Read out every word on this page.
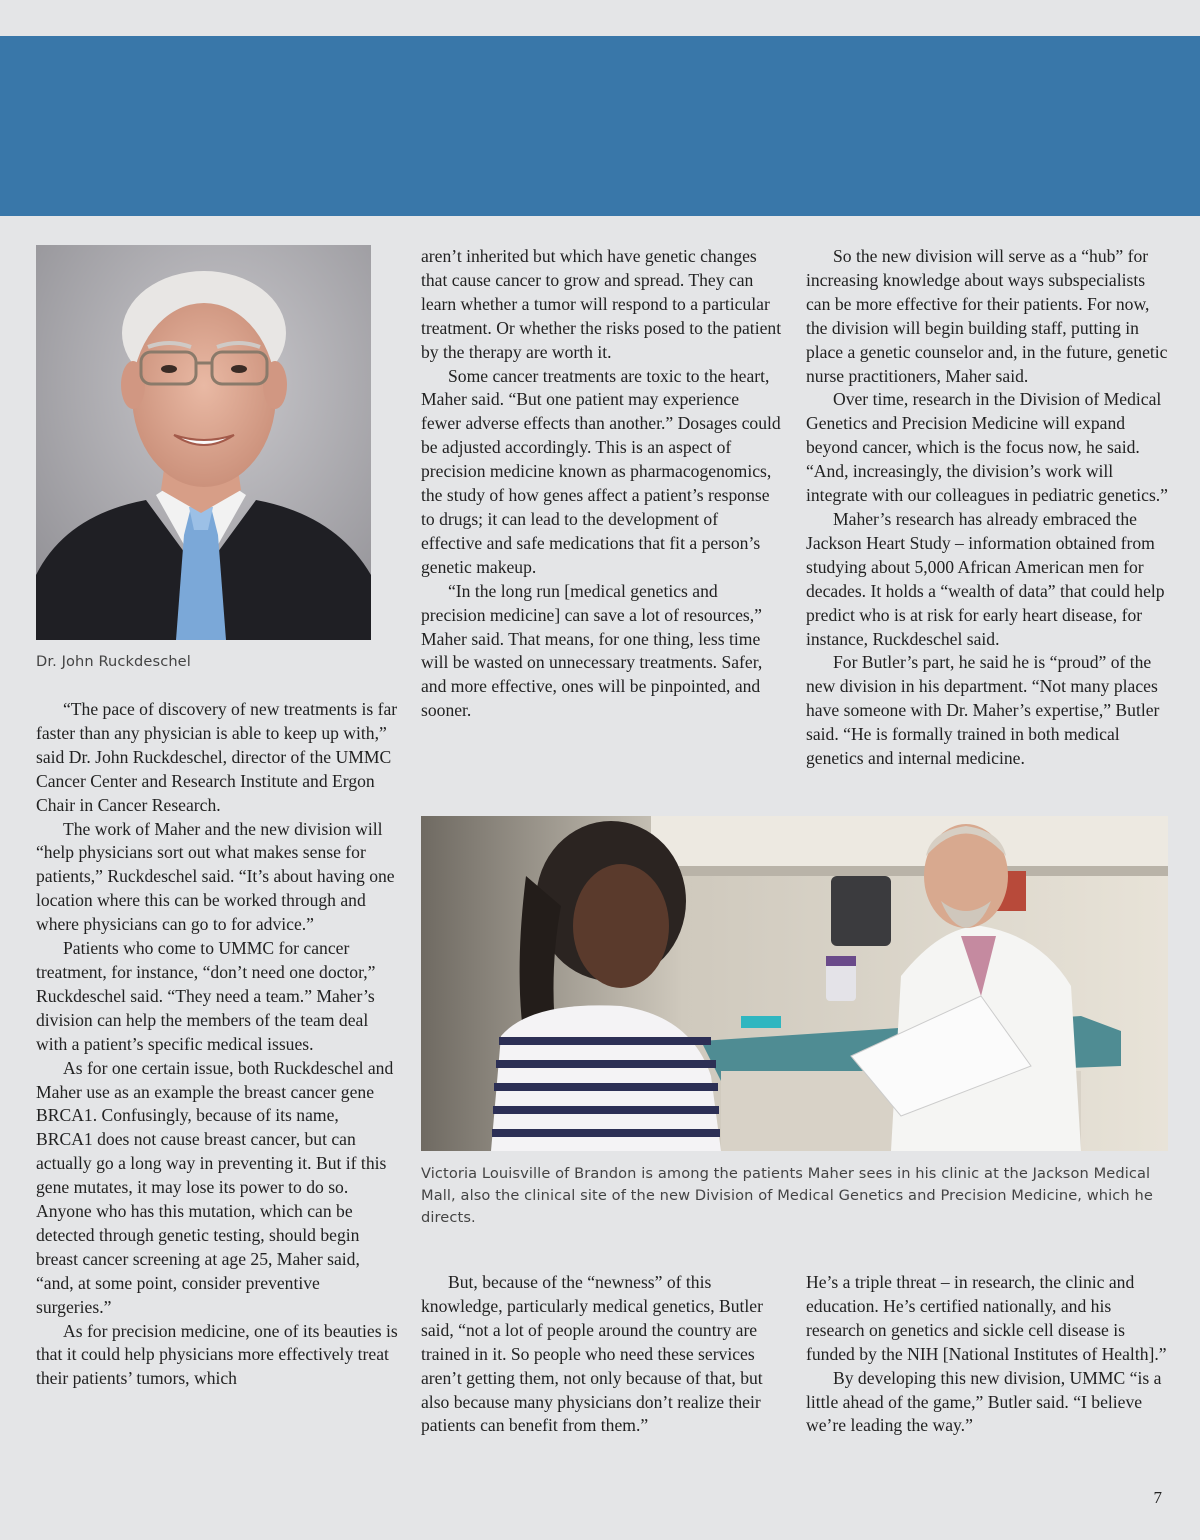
Dr. John Ruckdeschel

“The pace of discovery of new treatments is far faster than any physician is able to keep up with,” said Dr. John Ruckdeschel, director of the UMMC Cancer Center and Research Institute and Ergon Chair in Cancer Research.

The work of Maher and the new division will “help physicians sort out what makes sense for patients,” Ruckdeschel said. “It’s about having one location where this can be worked through and where physicians can go to for advice.”

Patients who come to UMMC for cancer treatment, for instance, “don’t need one doctor,” Ruckdeschel said. “They need a team.” Maher’s division can help the members of the team deal with a patient’s specific medical issues.

As for one certain issue, both Ruckdeschel and Maher use as an example the breast cancer gene BRCA1. Confusingly, because of its name, BRCA1 does not cause breast cancer, but can actually go a long way in preventing it. But if this gene mutates, it may lose its power to do so. Anyone who has this mutation, which can be detected through genetic testing, should begin breast cancer screening at age 25, Maher said, “and, at some point, consider preventive surgeries.”

As for precision medicine, one of its beauties is that it could help physicians more effectively treat their patients’ tumors, which

aren’t inherited but which have genetic changes that cause cancer to grow and spread. They can learn whether a tumor will respond to a particular treatment. Or whether the risks posed to the patient by the therapy are worth it.

Some cancer treatments are toxic to the heart, Maher said. “But one patient may experience fewer adverse effects than another.” Dosages could be adjusted accordingly. This is an aspect of precision medicine known as pharmacogenomics, the study of how genes affect a patient’s response to drugs; it can lead to the development of effective and safe medications that fit a person’s genetic makeup.

“In the long run [medical genetics and precision medicine] can save a lot of resources,” Maher said. That means, for one thing, less time will be wasted on unnecessary treatments. Safer, and more effective, ones will be pinpointed, and sooner.

So the new division will serve as a “hub” for increasing knowledge about ways subspecialists can be more effective for their patients. For now, the division will begin building staff, putting in place a genetic counselor and, in the future, genetic nurse practitioners, Maher said.

Over time, research in the Division of Medical Genetics and Precision Medicine will expand beyond cancer, which is the focus now, he said. “And, increasingly, the division’s work will integrate with our colleagues in pediatric genetics.”

Maher’s research has already embraced the Jackson Heart Study – information obtained from studying about 5,000 African American men for decades. It holds a “wealth of data” that could help predict who is at risk for early heart disease, for instance, Ruckdeschel said.

For Butler’s part, he said he is “proud” of the new division in his department. “Not many places have someone with Dr. Maher’s expertise,” Butler said. “He is formally trained in both medical genetics and internal medicine.

Victoria Louisville of Brandon is among the patients Maher sees in his clinic at the Jackson Medical Mall, also the clinical site of the new Division of Medical Genetics and Precision Medicine, which he directs.

But, because of the “newness” of this knowledge, particularly medical genetics, Butler said, “not a lot of people around the country are trained in it. So people who need these services aren’t getting them, not only because of that, but also because many physicians don’t realize their patients can benefit from them.”

He’s a triple threat – in research, the clinic and education. He’s certified nationally, and his research on genetics and sickle cell disease is funded by the NIH [National Institutes of Health].”

By developing this new division, UMMC “is a little ahead of the game,” Butler said. “I believe we’re leading the way.”

7
